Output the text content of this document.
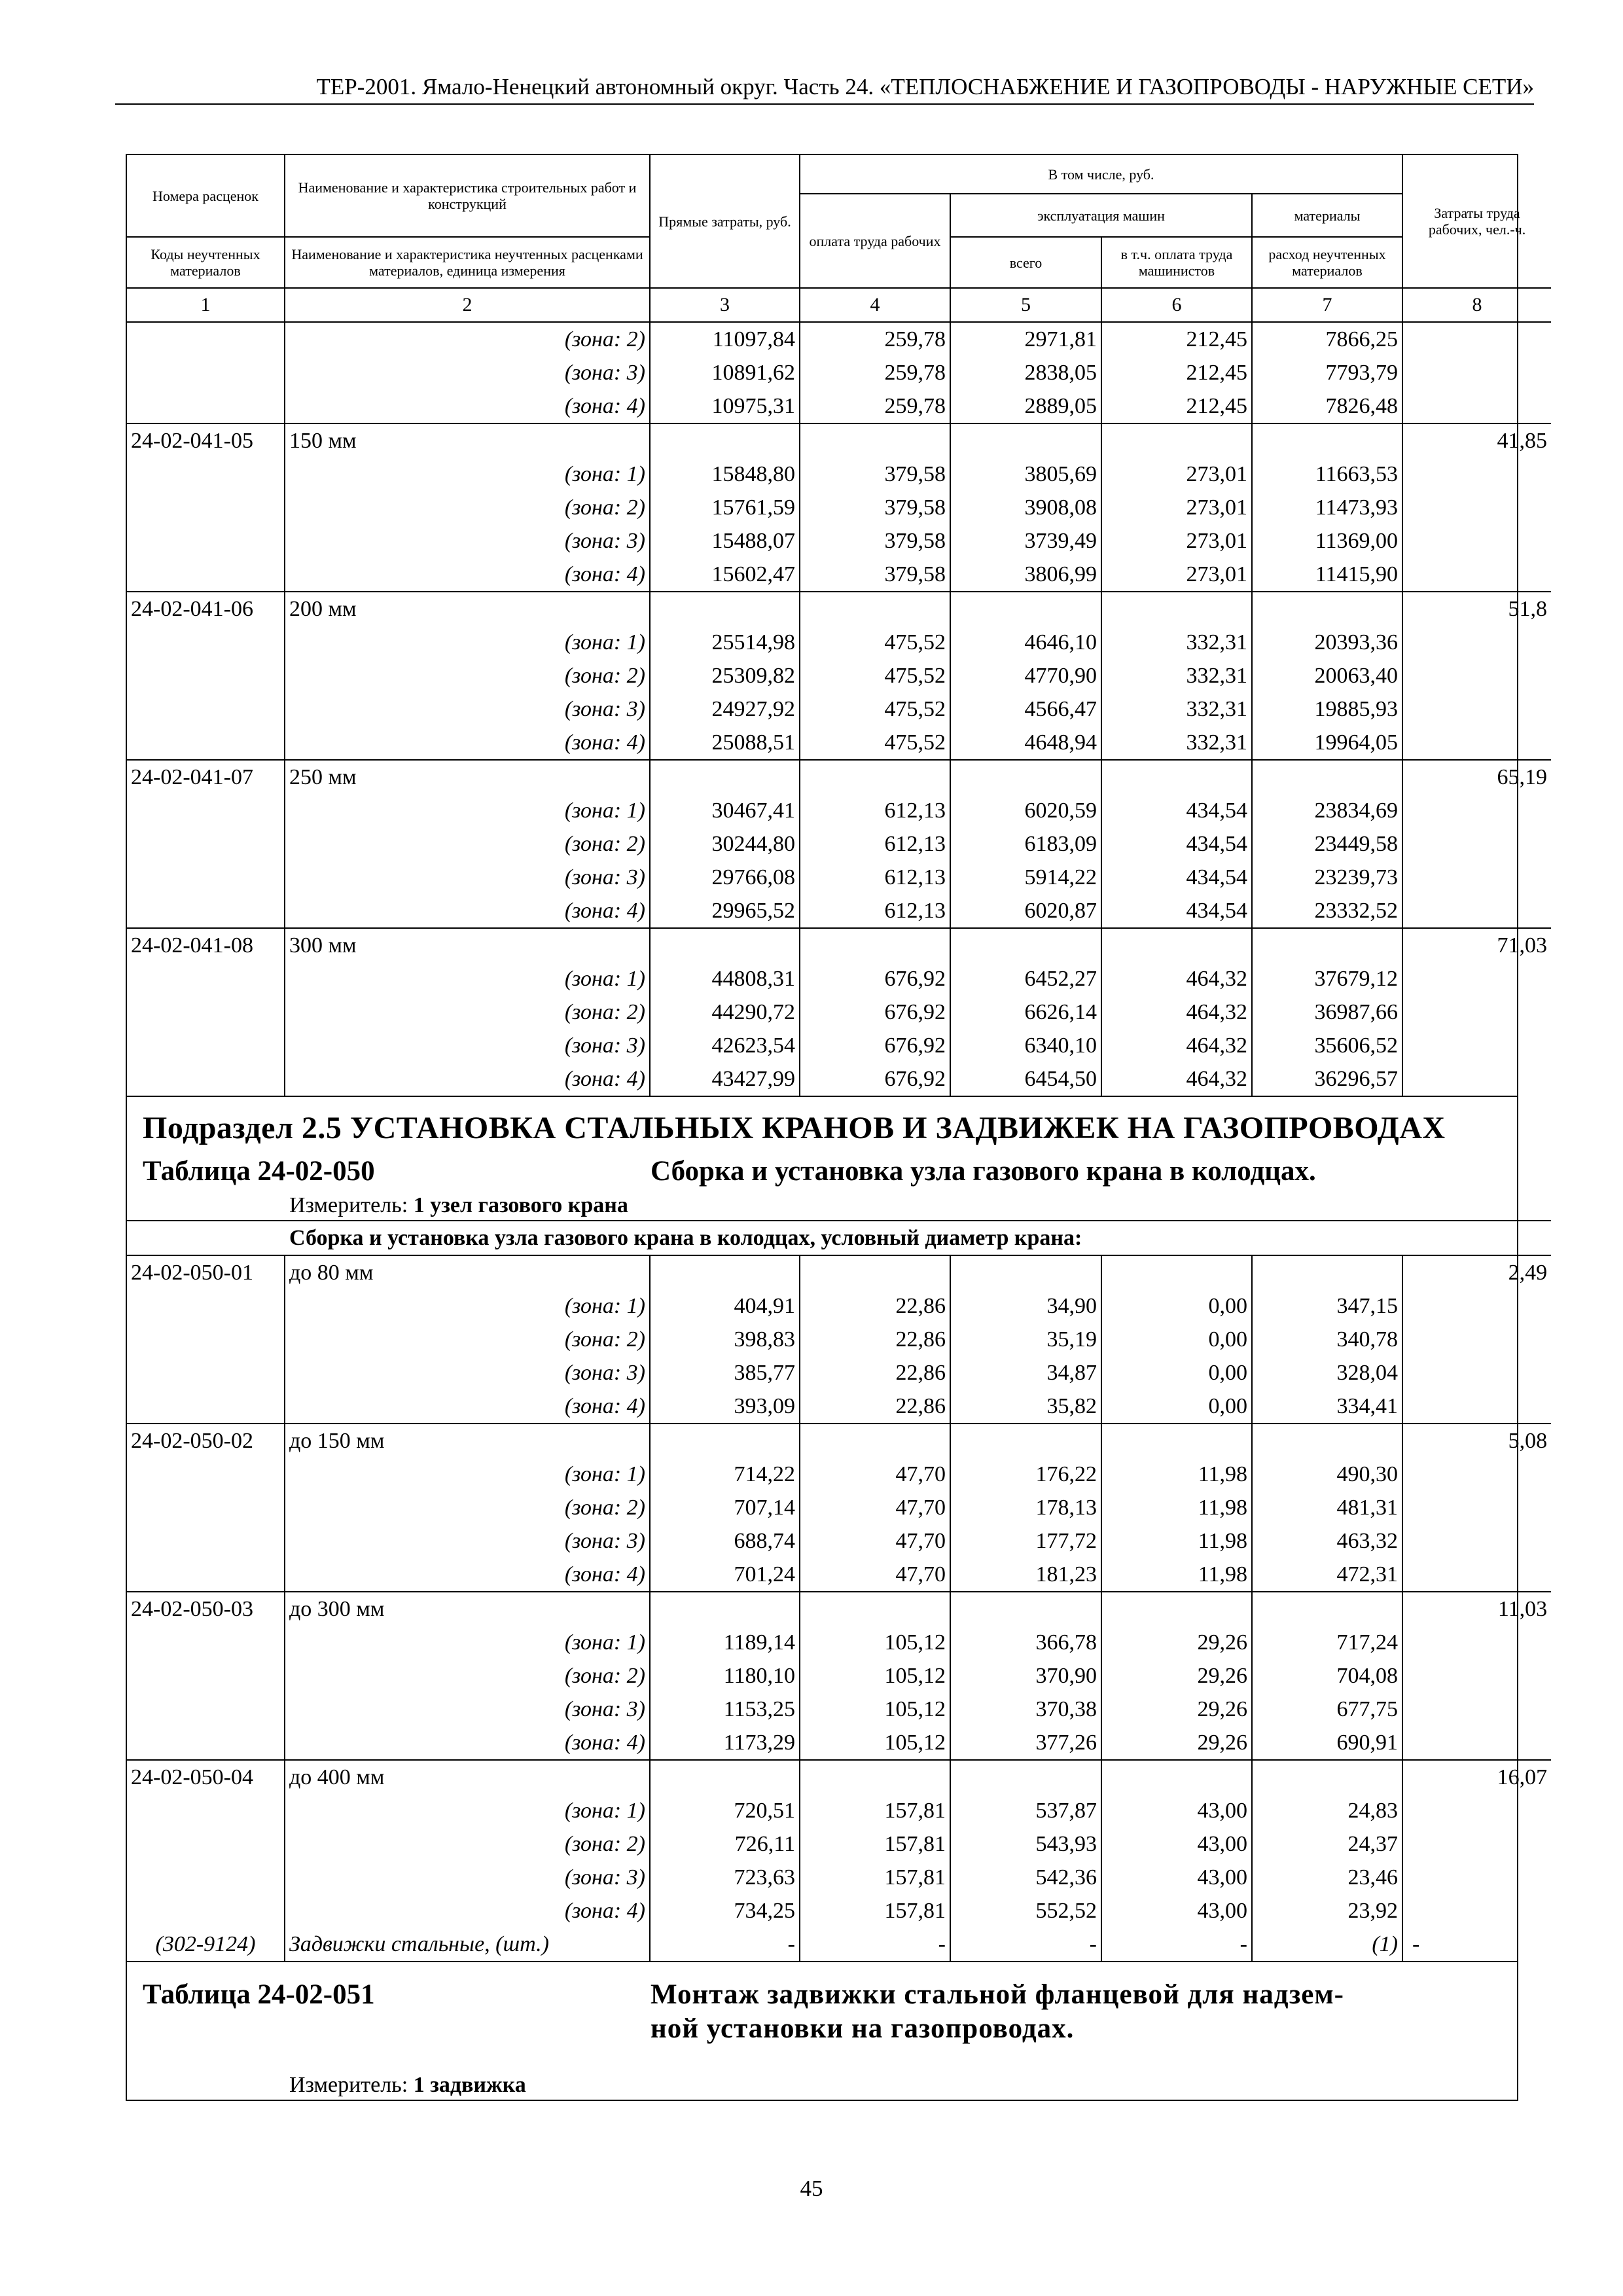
ТЕР-2001. Ямало-Ненецкий автономный округ. Часть 24. «ТЕПЛОСНАБЖЕНИЕ И ГАЗОПРОВОДЫ - НАРУЖНЫЕ СЕТИ»
Номера расценок	Наименование и характеристика строительных работ и конструкций	Прямые затраты, руб.	В том числе, руб.				Затраты труда рабочих, чел.-ч.
			оплата труда рабочих	эксплуатация машин		материалы	
Коды неучтенных материалов	Наименование и характеристика неучтенных расценками материалов, единица измерения			всего	в т.ч. оплата труда машинистов	расход неучтенных материалов	
1	2	3	4	5	6	7	8
	(зона: 2)	11097,84	259,78	2971,81	212,45	7866,25	
	(зона: 3)	10891,62	259,78	2838,05	212,45	7793,79	
	(зона: 4)	10975,31	259,78	2889,05	212,45	7826,48	
24-02-041-05	150 мм						41,85
	(зона: 1)	15848,80	379,58	3805,69	273,01	11663,53	
	(зона: 2)	15761,59	379,58	3908,08	273,01	11473,93	
	(зона: 3)	15488,07	379,58	3739,49	273,01	11369,00	
	(зона: 4)	15602,47	379,58	3806,99	273,01	11415,90	
24-02-041-06	200 мм						51,8
	(зона: 1)	25514,98	475,52	4646,10	332,31	20393,36	
	(зона: 2)	25309,82	475,52	4770,90	332,31	20063,40	
	(зона: 3)	24927,92	475,52	4566,47	332,31	19885,93	
	(зона: 4)	25088,51	475,52	4648,94	332,31	19964,05	
24-02-041-07	250 мм						65,19
	(зона: 1)	30467,41	612,13	6020,59	434,54	23834,69	
	(зона: 2)	30244,80	612,13	6183,09	434,54	23449,58	
	(зона: 3)	29766,08	612,13	5914,22	434,54	23239,73	
	(зона: 4)	29965,52	612,13	6020,87	434,54	23332,52	
24-02-041-08	300 мм						71,03
	(зона: 1)	44808,31	676,92	6452,27	464,32	37679,12	
	(зона: 2)	44290,72	676,92	6626,14	464,32	36987,66	
	(зона: 3)	42623,54	676,92	6340,10	464,32	35606,52	
	(зона: 4)	43427,99	676,92	6454,50	464,32	36296,57	
Подраздел 2.5 УСТАНОВКА СТАЛЬНЫХ КРАНОВ И ЗАДВИЖЕК НА ГАЗОПРОВОДАХ
Таблица 24-02-050	Сборка и установка узла газового крана в колодцах.
Измеритель: 1 узел газового крана
Сборка и установка узла газового крана в колодцах, условный диаметр крана:							
24-02-050-01	до 80 мм						2,49
	(зона: 1)	404,91	22,86	34,90	0,00	347,15	
	(зона: 2)	398,83	22,86	35,19	0,00	340,78	
	(зона: 3)	385,77	22,86	34,87	0,00	328,04	
	(зона: 4)	393,09	22,86	35,82	0,00	334,41	
24-02-050-02	до 150 мм						5,08
	(зона: 1)	714,22	47,70	176,22	11,98	490,30	
	(зона: 2)	707,14	47,70	178,13	11,98	481,31	
	(зона: 3)	688,74	47,70	177,72	11,98	463,32	
	(зона: 4)	701,24	47,70	181,23	11,98	472,31	
24-02-050-03	до 300 мм						11,03
	(зона: 1)	1189,14	105,12	366,78	29,26	717,24	
	(зона: 2)	1180,10	105,12	370,90	29,26	704,08	
	(зона: 3)	1153,25	105,12	370,38	29,26	677,75	
	(зона: 4)	1173,29	105,12	377,26	29,26	690,91	
24-02-050-04	до 400 мм						16,07
	(зона: 1)	720,51	157,81	537,87	43,00	24,83	
	(зона: 2)	726,11	157,81	543,93	43,00	24,37	
	(зона: 3)	723,63	157,81	542,36	43,00	23,46	
	(зона: 4)	734,25	157,81	552,52	43,00	23,92	
(302-9124)	Задвижки стальные, (шт.)	-	-	-	-	(1)	-
Таблица 24-02-051	Монтаж задвижки стальной фланцевой для надзем-
ной установки на газопроводах.
Измеритель: 1 задвижка
45
